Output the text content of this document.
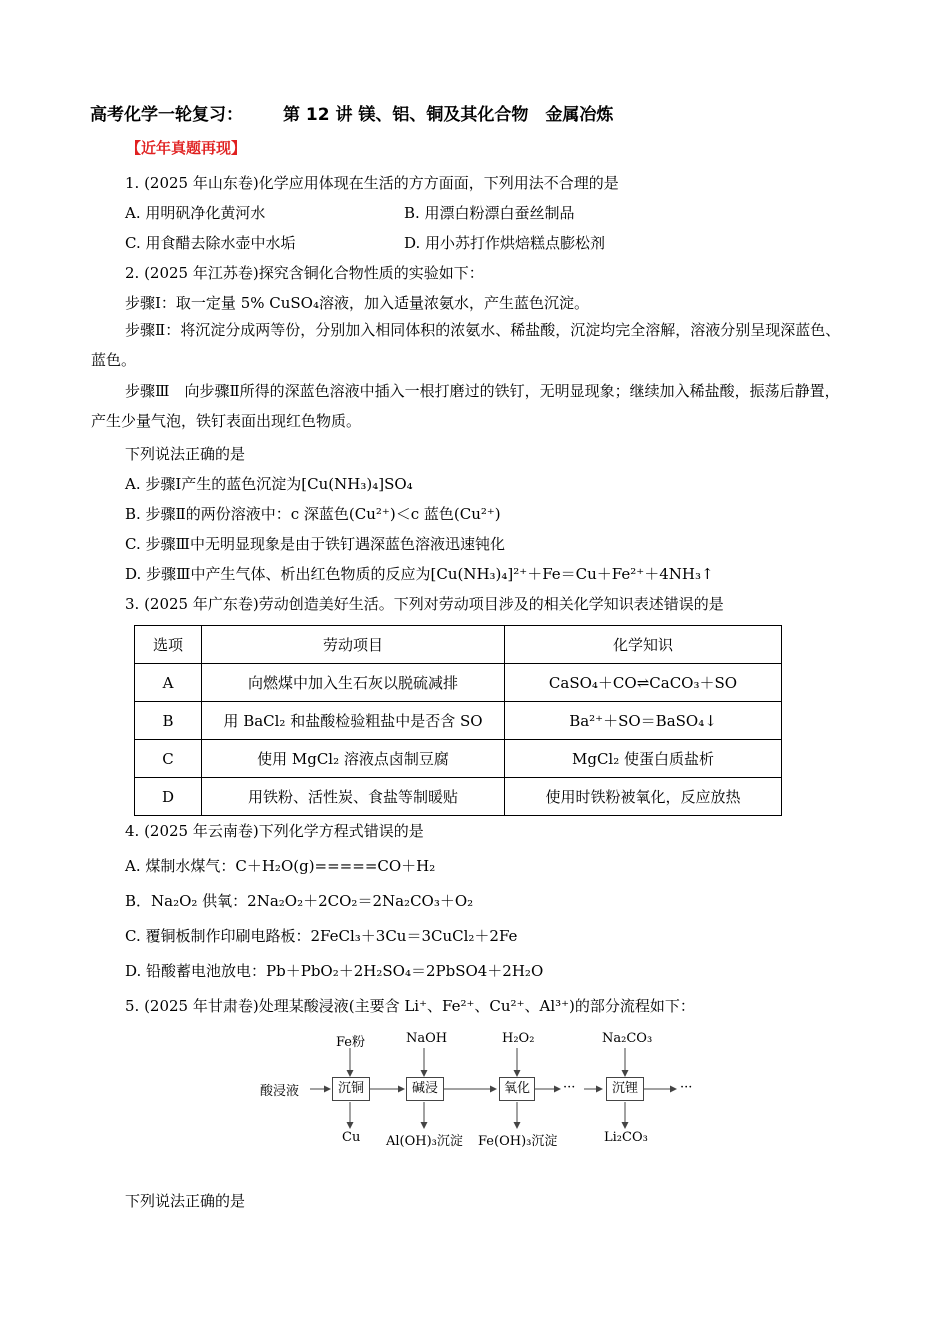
高考化学一轮复习： 第 12 讲 镁、铝、铜及其化合物　金属冶炼
【近年真题再现】
1. (2025 年山东卷)化学应用体现在生活的方方面面，下列用法不合理的是
A. 用明矾净化黄河水	B. 用漂白粉漂白蚕丝制品
C. 用食醋去除水壶中水垢	D. 用小苏打作烘焙糕点膨松剂
2. (2025 年江苏卷)探究含铜化合物性质的实验如下：
步骤Ⅰ：取一定量 5% CuSO₄溶液，加入适量浓氨水，产生蓝色沉淀。
步骤Ⅱ：将沉淀分成两等份，分别加入相同体积的浓氨水、稀盐酸，沉淀均完全溶解，溶液分别呈现深蓝色、蓝色。
步骤Ⅲ　向步骤Ⅱ所得的深蓝色溶液中插入一根打磨过的铁钉，无明显现象；继续加入稀盐酸，振荡后静置，产生少量气泡，铁钉表面出现红色物质。
下列说法正确的是
A. 步骤Ⅰ产生的蓝色沉淀为[Cu(NH₃)₄]SO₄
B. 步骤Ⅱ的两份溶液中：c 深蓝色(Cu²⁺)＜c 蓝色(Cu²⁺)
C. 步骤Ⅲ中无明显现象是由于铁钉遇深蓝色溶液迅速钝化
D. 步骤Ⅲ中产生气体、析出红色物质的反应为[Cu(NH₃)₄]²⁺＋Fe＝Cu＋Fe²⁺＋4NH₃↑
3. (2025 年广东卷)劳动创造美好生活。下列对劳动项目涉及的相关化学知识表述错误的是
选项	劳动项目	化学知识
A	向燃煤中加入生石灰以脱硫减排	CaSO₄＋CO⇌CaCO₃＋SO
B	用 BaCl₂ 和盐酸检验粗盐中是否含 SO	Ba²⁺＋SO＝BaSO₄↓
C	使用 MgCl₂ 溶液点卤制豆腐	MgCl₂ 使蛋白质盐析
D	用铁粉、活性炭、食盐等制暖贴	使用时铁粉被氧化，反应放热
4. (2025 年云南卷)下列化学方程式错误的是
A. 煤制水煤气：C＋H₂O(g)=====CO＋H₂
B．Na₂O₂ 供氧：2Na₂O₂＋2CO₂＝2Na₂CO₃＋O₂
C. 覆铜板制作印刷电路板：2FeCl₃＋3Cu＝3CuCl₂＋2Fe
D. 铅酸蓄电池放电：Pb＋PbO₂＋2H₂SO₄＝2PbSO4＋2H₂O
5. (2025 年甘肃卷)处理某酸浸液(主要含 Li⁺、Fe²⁺、Cu²⁺、Al³⁺)的部分流程如下：
酸浸液	沉铜	碱浸	氧化	···	沉锂	···
Fe粉	NaOH	H₂O₂	Na₂CO₃
Cu Al(OH)₃沉淀 Fe(OH)₃沉淀	Li₂CO₃
下列说法正确的是
